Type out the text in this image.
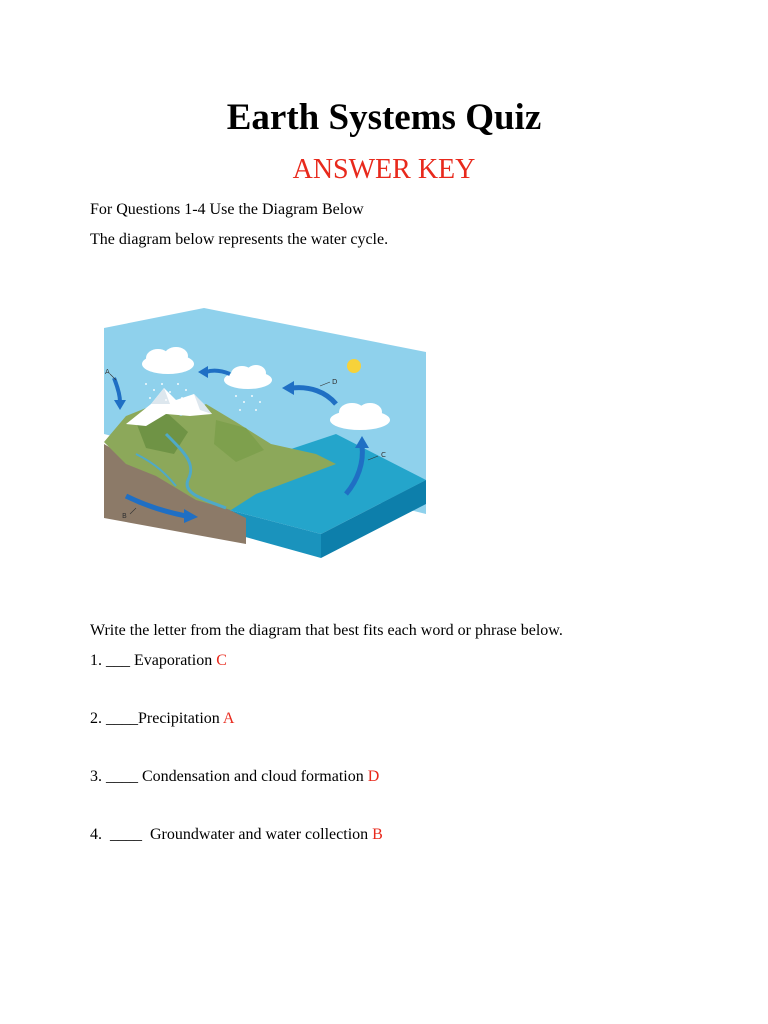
Earth Systems Quiz
ANSWER KEY
For Questions 1-4 Use the Diagram Below
The diagram below represents the water cycle.
A
B
C
D
Write the letter from the diagram that best fits each word or phrase below.
1. ___ Evaporation C
2. ____Precipitation A
3. ____ Condensation and cloud formation D
4.  ____  Groundwater and water collection B
